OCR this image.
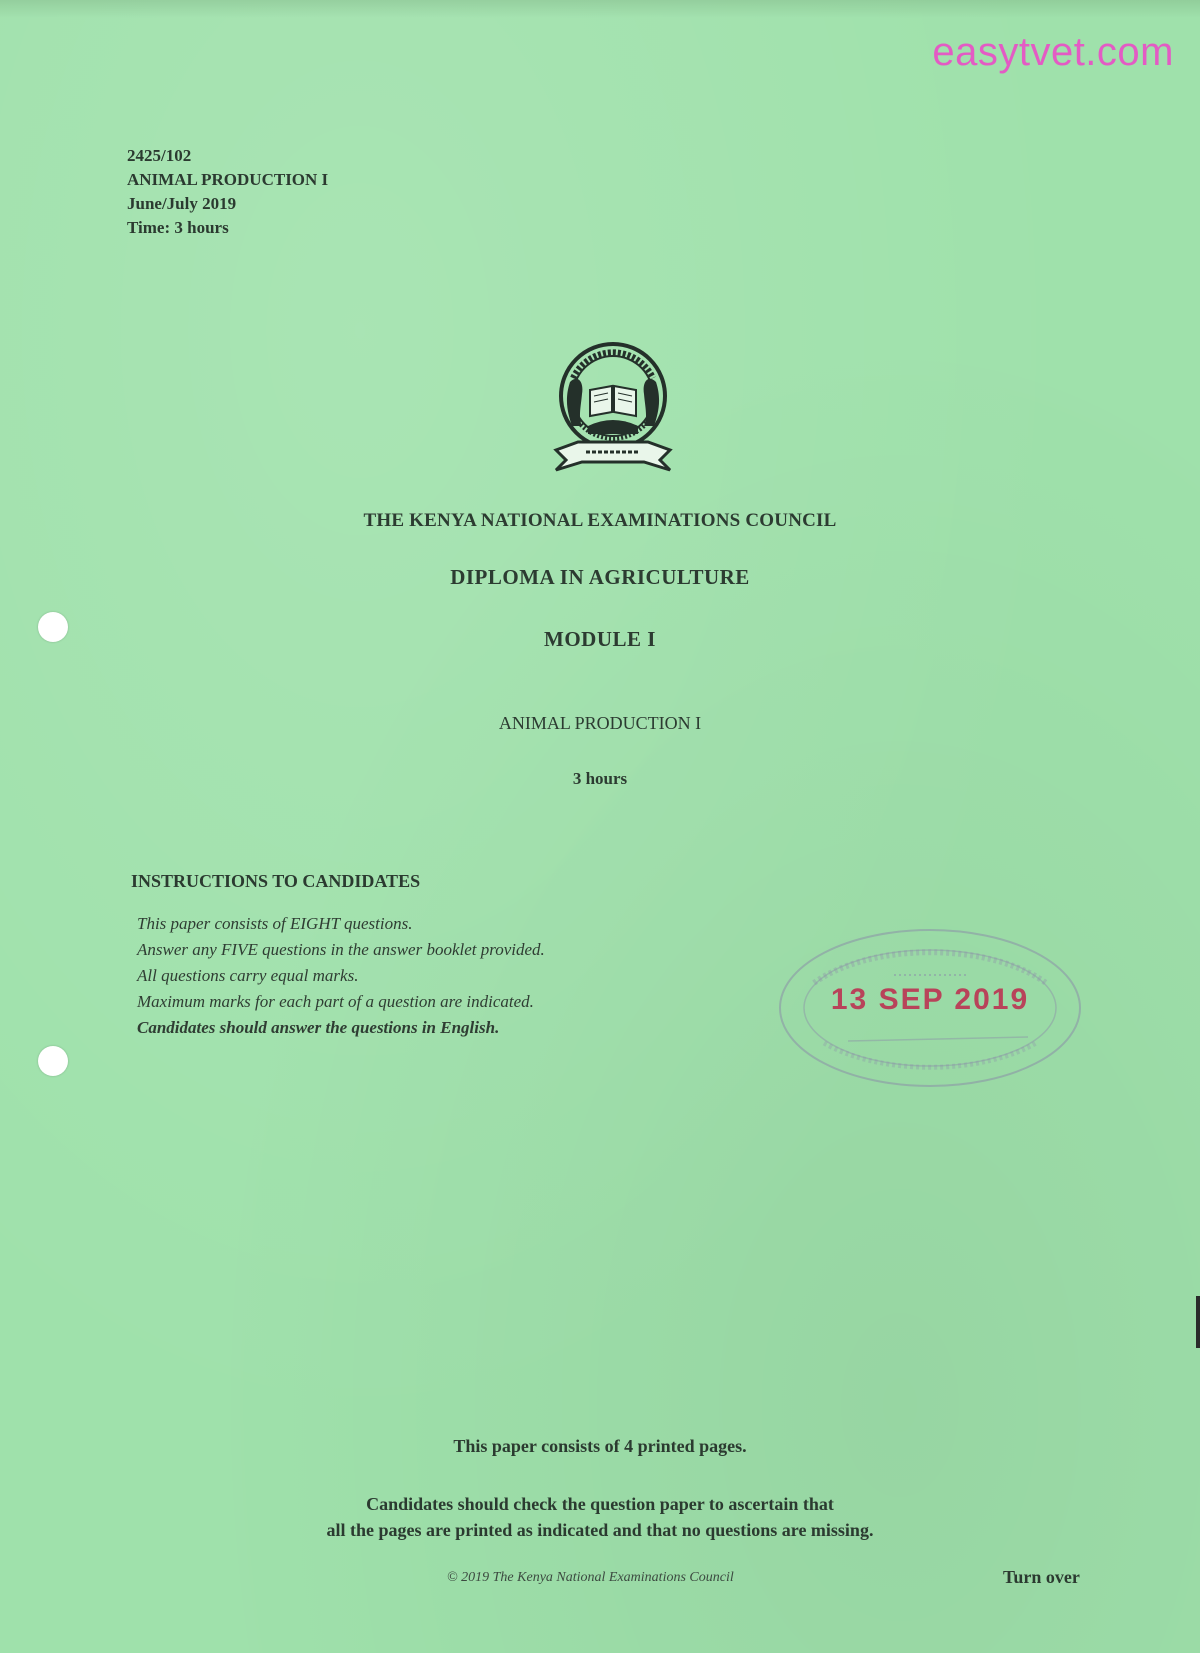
easytvet.com
2425/102
ANIMAL PRODUCTION I
June/July 2019
Time: 3 hours
THE KENYA NATIONAL EXAMINATIONS COUNCIL
DIPLOMA IN AGRICULTURE
MODULE I
ANIMAL PRODUCTION I
3 hours
INSTRUCTIONS TO CANDIDATES
This paper consists of EIGHT questions.
Answer any FIVE questions in the answer booklet provided.
All questions carry equal marks.
Maximum marks for each part of a question are indicated.
Candidates should answer the questions in English.
13 SEP 2019
This paper consists of 4 printed pages.
Candidates should check the question paper to ascertain that
all the pages are printed as indicated and that no questions are missing.
© 2019 The Kenya National Examinations Council	Turn over
